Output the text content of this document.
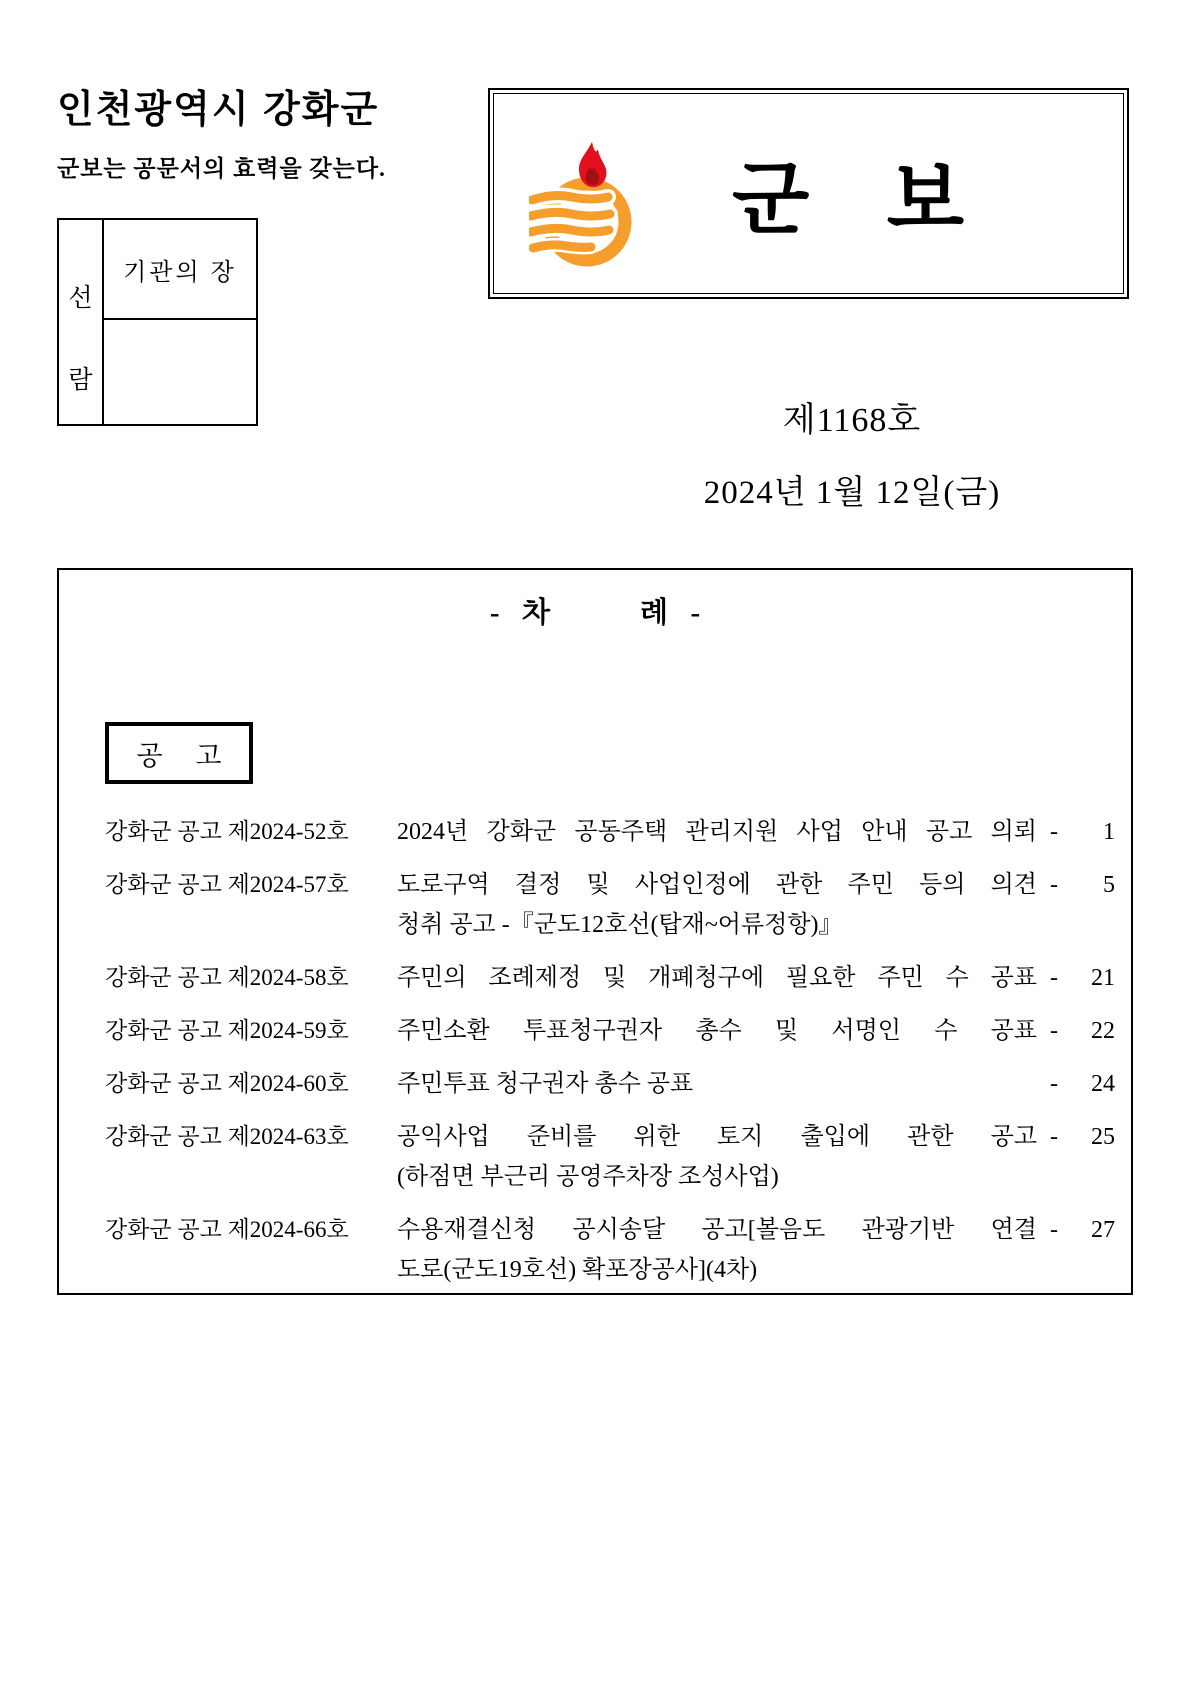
인천광역시 강화군
군보는 공문서의 효력을 갖는다.
선
람
기관의 장
군 보
제1168호
2024년 1월 12일(금)
-  차        례  -
공 고
강화군 공고 제2024-52호	2024년 강화군 공동주택 관리지원 사업 안내 공고 의뢰 -	1
강화군 공고 제2024-57호	도로구역 결정 및 사업인정에 관한 주민 등의 의견
청취 공고 -『군도12호선(탑재~어류정항)』
-	5
강화군 공고 제2024-58호	주민의 조례제정 및 개폐청구에 필요한 주민 수 공표 -	21
강화군 공고 제2024-59호	주민소환 투표청구권자 총수 및 서명인 수 공표 -	22
강화군 공고 제2024-60호	주민투표 청구권자 총수 공표	-	24
강화군 공고 제2024-63호	공익사업 준비를 위한 토지 출입에 관한 공고
(하점면 부근리 공영주차장 조성사업)
-	25
강화군 공고 제2024-66호	수용재결신청 공시송달 공고[볼음도 관광기반 연결
도로(군도19호선) 확포장공사](4차)
-	27
